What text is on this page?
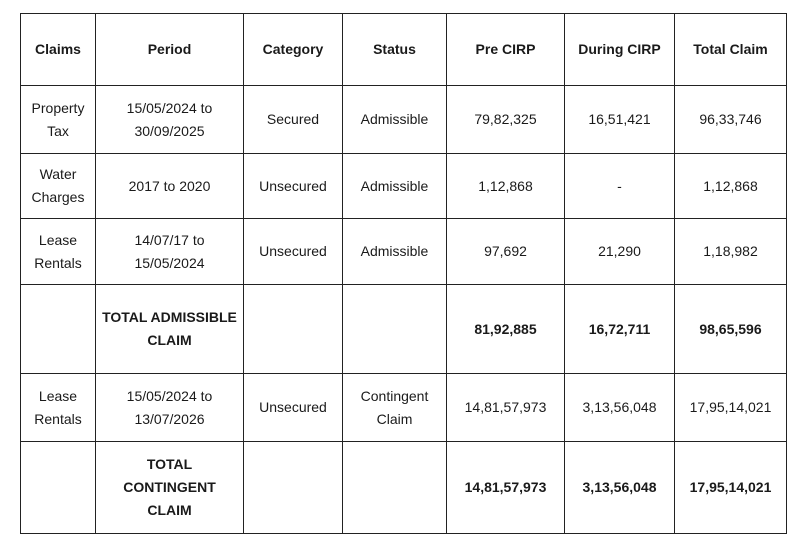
Claims	Period	Category	Status	Pre CIRP	During CIRP	Total Claim
Property Tax	15/05/2024 to 30/09/2025	Secured	Admissible	79,82,325	16,51,421	96,33,746
Water Charges	2017 to 2020	Unsecured	Admissible	1,12,868	-	1,12,868
Lease Rentals	14/07/17 to 15/05/2024	Unsecured	Admissible	97,692	21,290	1,18,982
	TOTAL ADMISSIBLE CLAIM			81,92,885	16,72,711	98,65,596
Lease Rentals	15/05/2024 to 13/07/2026	Unsecured	Contingent Claim	14,81,57,973	3,13,56,048	17,95,14,021
	TOTAL CONTINGENT CLAIM			14,81,57,973	3,13,56,048	17,95,14,021
